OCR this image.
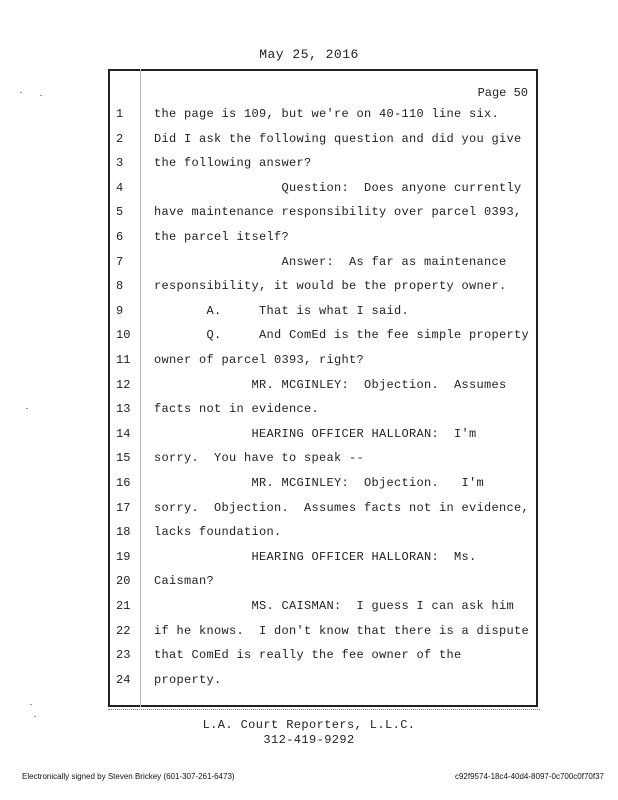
May 25, 2016
Page 50
1	the page is 109, but we're on 40-110 line six.
2	Did I ask the following question and did you give
3	the following answer?
4	Question:  Does anyone currently
5	have maintenance responsibility over parcel 0393,
6	the parcel itself?
7	Answer:  As far as maintenance
8	responsibility, it would be the property owner.
9	A.     That is what I said.
10	Q.     And ComEd is the fee simple property
11	owner of parcel 0393, right?
12	MR. MCGINLEY:  Objection.  Assumes
13	facts not in evidence.
14	HEARING OFFICER HALLORAN:  I'm
15	sorry.  You have to speak --
16	MR. MCGINLEY:  Objection.   I'm
17	sorry.  Objection.  Assumes facts not in evidence,
18	lacks foundation.
19	HEARING OFFICER HALLORAN:  Ms.
20	Caisman?
21	MS. CAISMAN:  I guess I can ask him
22	if he knows.  I don't know that there is a dispute
23	that ComEd is really the fee owner of the
24	property.
L.A. Court Reporters, L.L.C.
312-419-9292
Electronically signed by Steven Brickey (601-307-261-6473)	c92f9574-18c4-40d4-8097-0c700c0f70f37
